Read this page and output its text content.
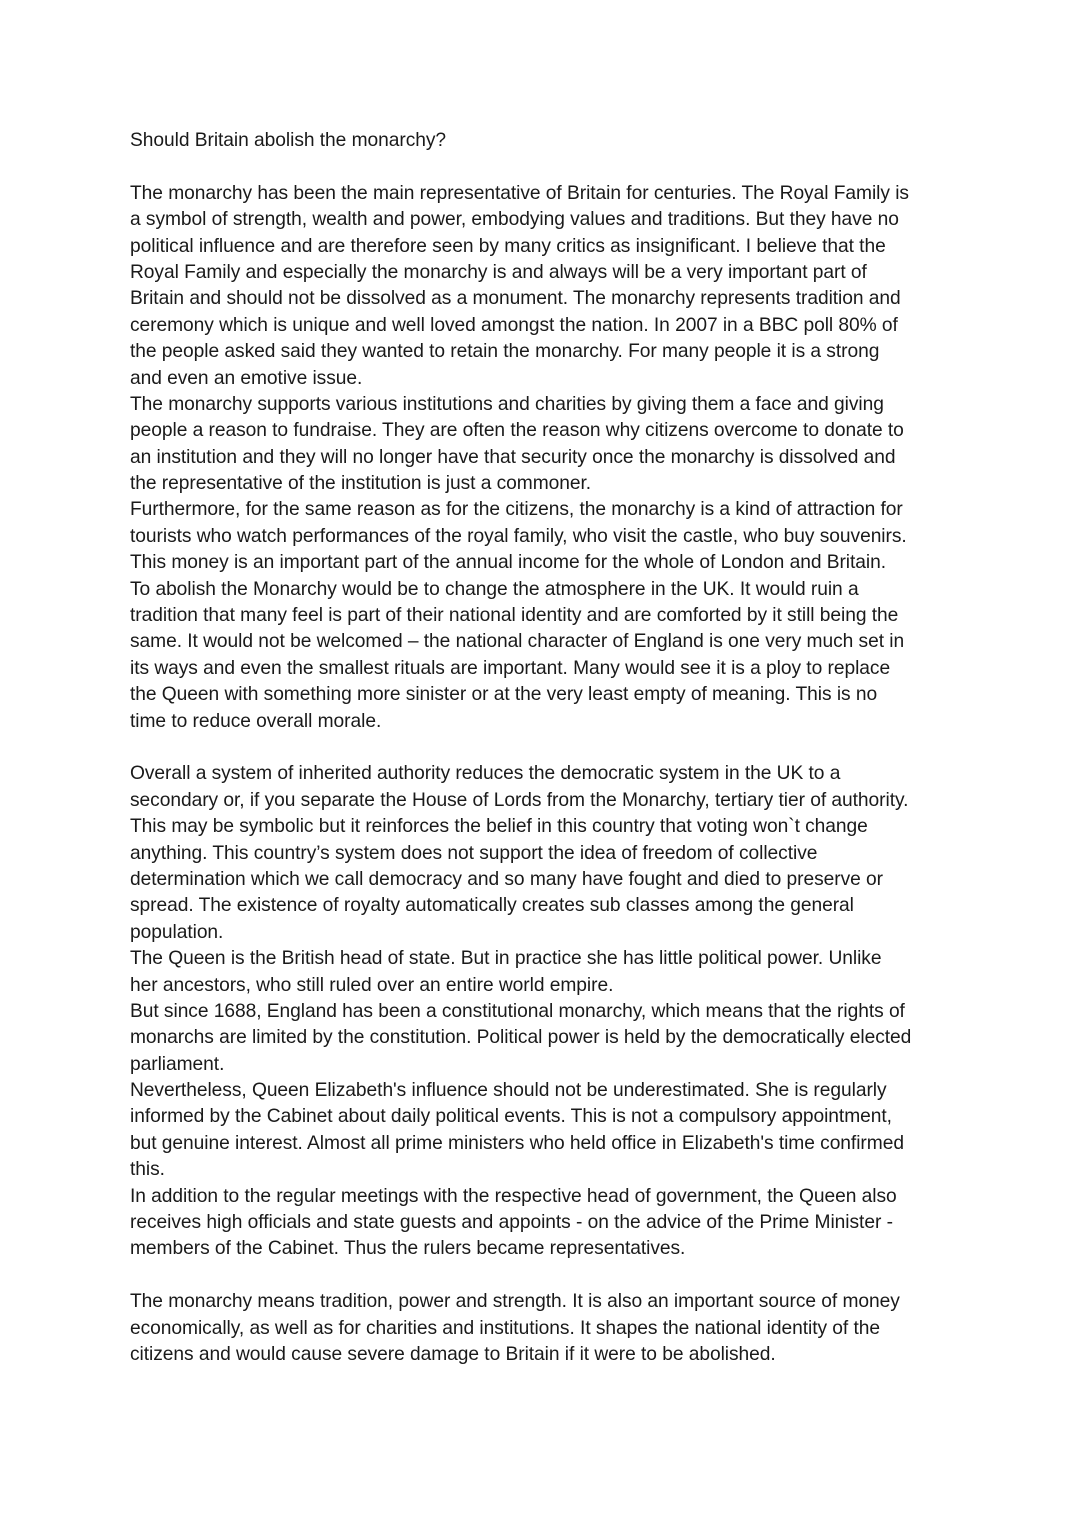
Should Britain abolish the monarchy?
The monarchy has been the main representative of Britain for centuries. The Royal Family is
a symbol of strength, wealth and power, embodying values and traditions. But they have no
political influence and are therefore seen by many critics as insignificant. I believe that the
Royal Family and especially the monarchy is and always will be a very important part of
Britain and should not be dissolved as a monument. The monarchy represents tradition and
ceremony which is unique and well loved amongst the nation. In 2007 in a BBC poll 80% of
the people asked said they wanted to retain the monarchy. For many people it is a strong
and even an emotive issue.
The monarchy supports various institutions and charities by giving them a face and giving
people a reason to fundraise. They are often the reason why citizens overcome to donate to
an institution and they will no longer have that security once the monarchy is dissolved and
the representative of the institution is just a commoner.
Furthermore, for the same reason as for the citizens, the monarchy is a kind of attraction for
tourists who watch performances of the royal family, who visit the castle, who buy souvenirs.
This money is an important part of the annual income for the whole of London and Britain.
To abolish the Monarchy would be to change the atmosphere in the UK. It would ruin a
tradition that many feel is part of their national identity and are comforted by it still being the
same. It would not be welcomed – the national character of England is one very much set in
its ways and even the smallest rituals are important. Many would see it is a ploy to replace
the Queen with something more sinister or at the very least empty of meaning. This is no
time to reduce overall morale.
Overall a system of inherited authority reduces the democratic system in the UK to a
secondary or, if you separate the House of Lords from the Monarchy, tertiary tier of authority.
This may be symbolic but it reinforces the belief in this country that voting won`t change
anything. This country’s system does not support the idea of freedom of collective
determination which we call democracy and so many have fought and died to preserve or
spread. The existence of royalty automatically creates sub classes among the general
population.
The Queen is the British head of state. But in practice she has little political power. Unlike
her ancestors, who still ruled over an entire world empire.
But since 1688, England has been a constitutional monarchy, which means that the rights of
monarchs are limited by the constitution. Political power is held by the democratically elected
parliament.
Nevertheless, Queen Elizabeth's influence should not be underestimated. She is regularly
informed by the Cabinet about daily political events. This is not a compulsory appointment,
but genuine interest. Almost all prime ministers who held office in Elizabeth's time confirmed
this.
In addition to the regular meetings with the respective head of government, the Queen also
receives high officials and state guests and appoints - on the advice of the Prime Minister -
members of the Cabinet. Thus the rulers became representatives.
The monarchy means tradition, power and strength. It is also an important source of money
economically, as well as for charities and institutions. It shapes the national identity of the
citizens and would cause severe damage to Britain if it were to be abolished.
